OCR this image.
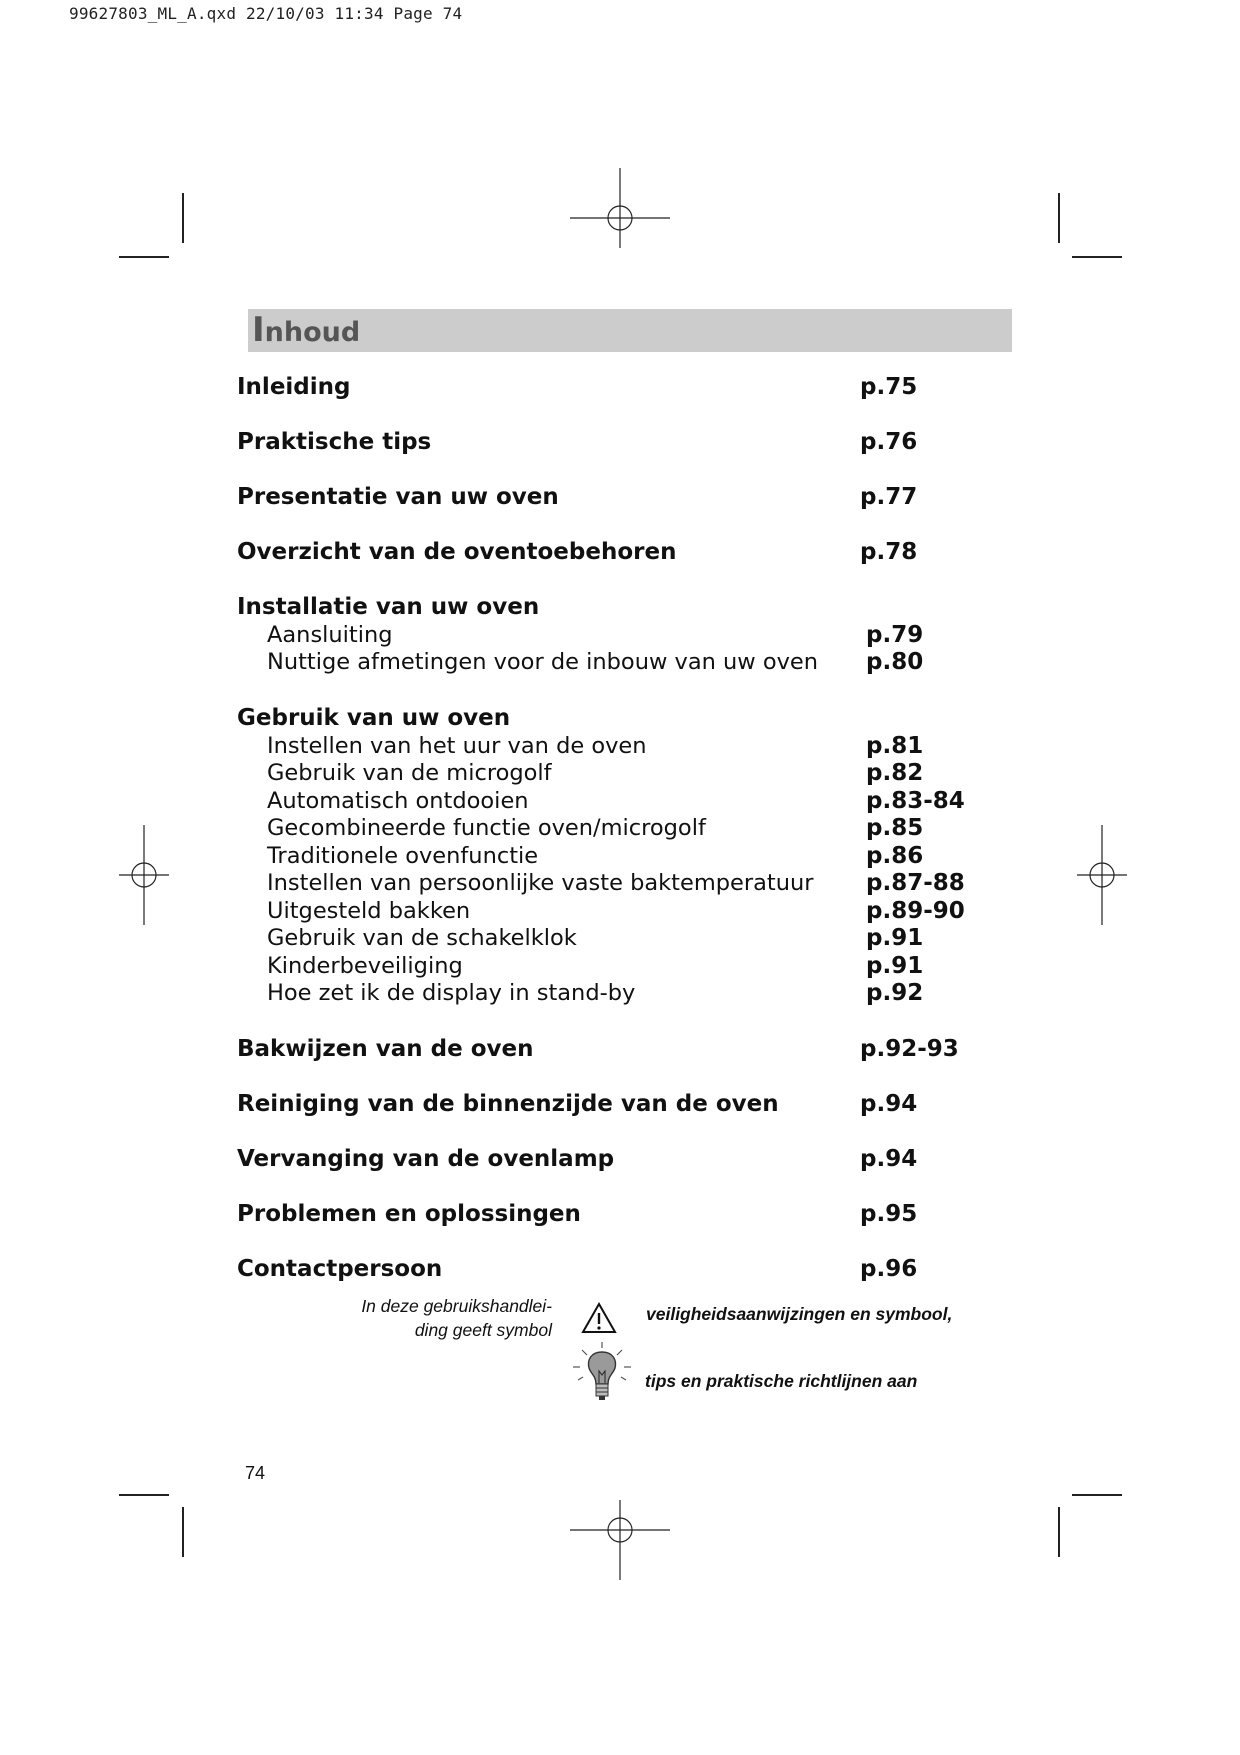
99627803_ML_A.qxd 22/10/03 11:34 Page 74
Inhoud
Inleiding	p.75
Praktische tips	p.76
Presentatie van uw oven	p.77
Overzicht van de oventoebehoren	p.78
Installatie van uw oven
Aansluiting	p.79
Nuttige afmetingen voor de inbouw van uw oven p.80
Gebruik van uw oven
Instellen van het uur van de oven	p.81
Gebruik van de microgolf	p.82
Automatisch ontdooien	p.83-84
Gecombineerde functie oven/microgolf	p.85
Traditionele ovenfunctie	p.86
Instellen van persoonlijke vaste baktemperatuur p.87-88
Uitgesteld bakken	p.89-90
Gebruik van de schakelklok	p.91
Kinderbeveiliging	p.91
Hoe zet ik de display in stand-by	p.92
Bakwijzen van de oven	p.92-93
Reiniging van de binnenzijde van de oven	p.94
Vervanging van de ovenlamp	p.94
Problemen en oplossingen	p.95
Contactpersoon	p.96
In deze gebruikshandlei-
ding geeft symbol
veiligheidsaanwijzingen en symbool,
tips en praktische richtlijnen aan
74
